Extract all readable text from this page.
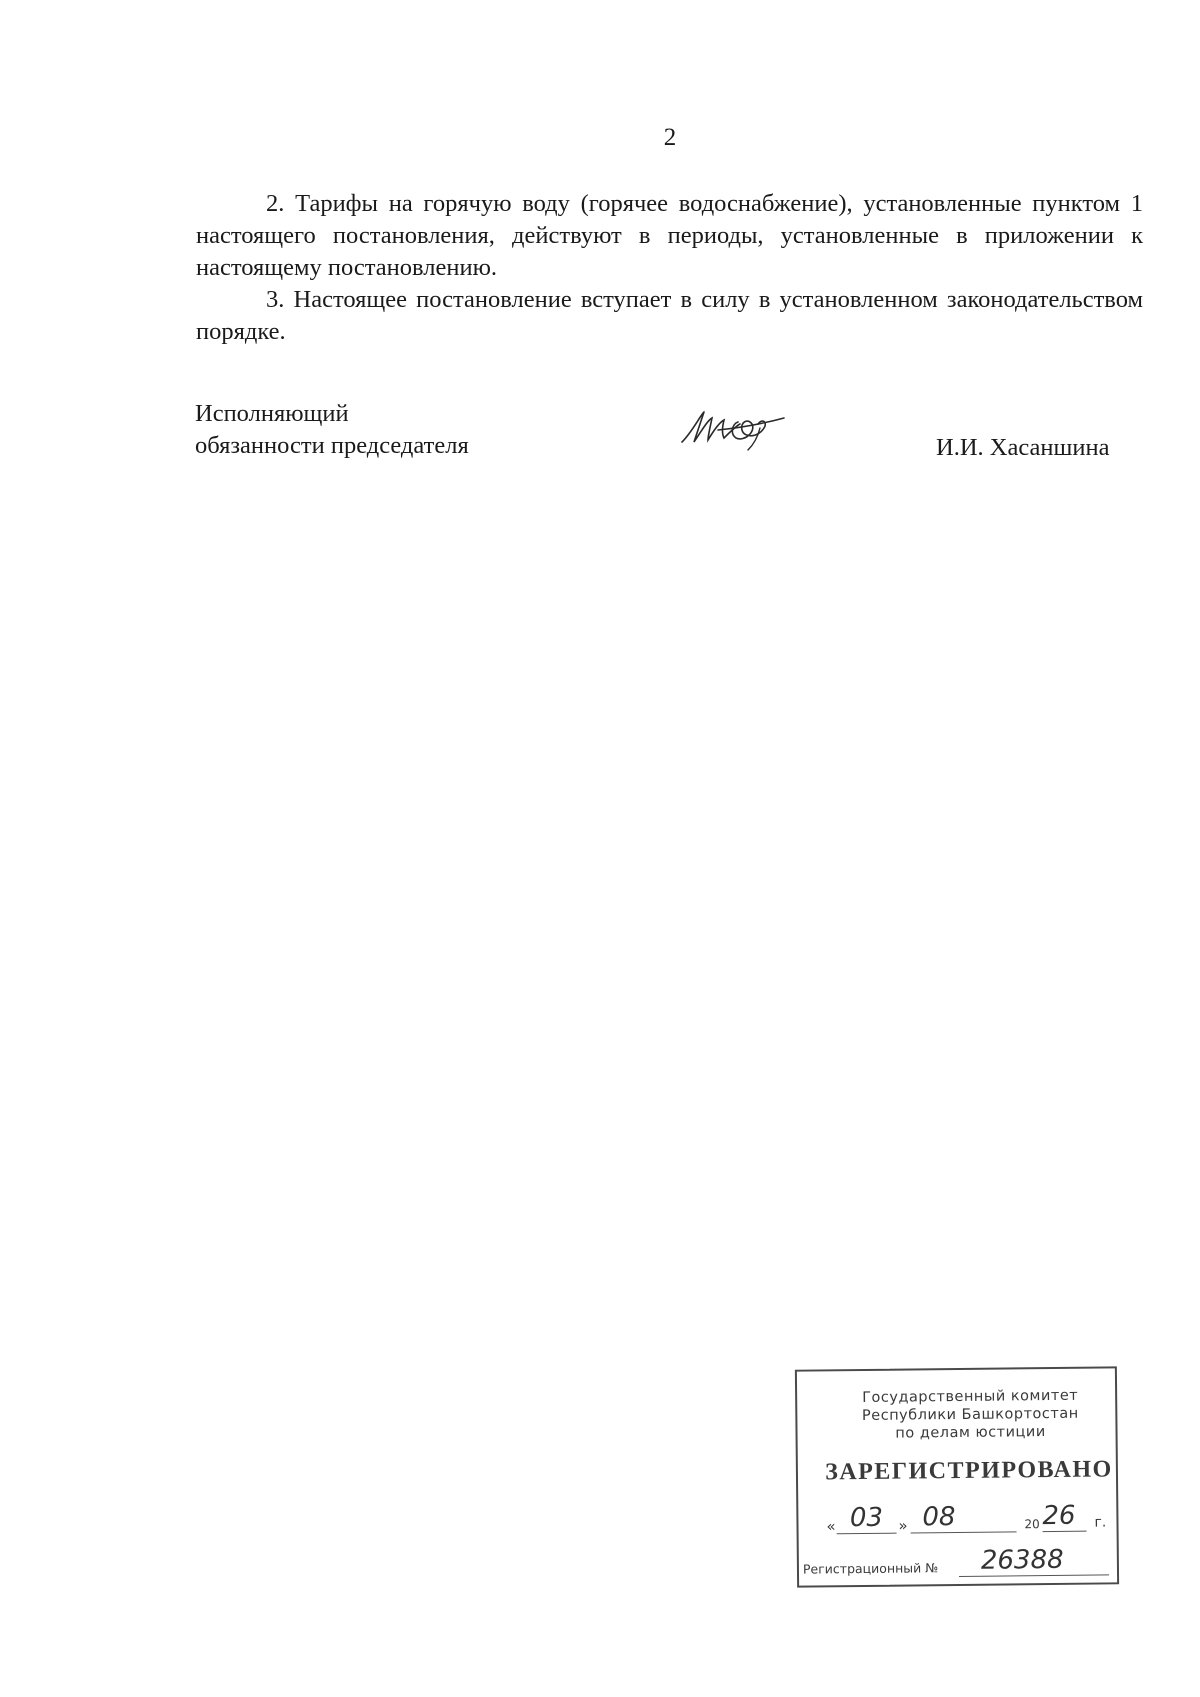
2

2. Тарифы на горячую воду (горячее водоснабжение), установленные пунктом 1 настоящего постановления, действуют в периоды, установленные в приложении к настоящему постановлению.

3. Настоящее постановление вступает в силу в установленном законодательством порядке.

Исполняющий
обязанности председателя	И.И. Хасаншина
Государственный комитет
Республики Башкортостан
по делам юстиции
ЗАРЕГИСТРИРОВАНО
« 03	» 08	20 26	г.
Регистрационный №	26388
